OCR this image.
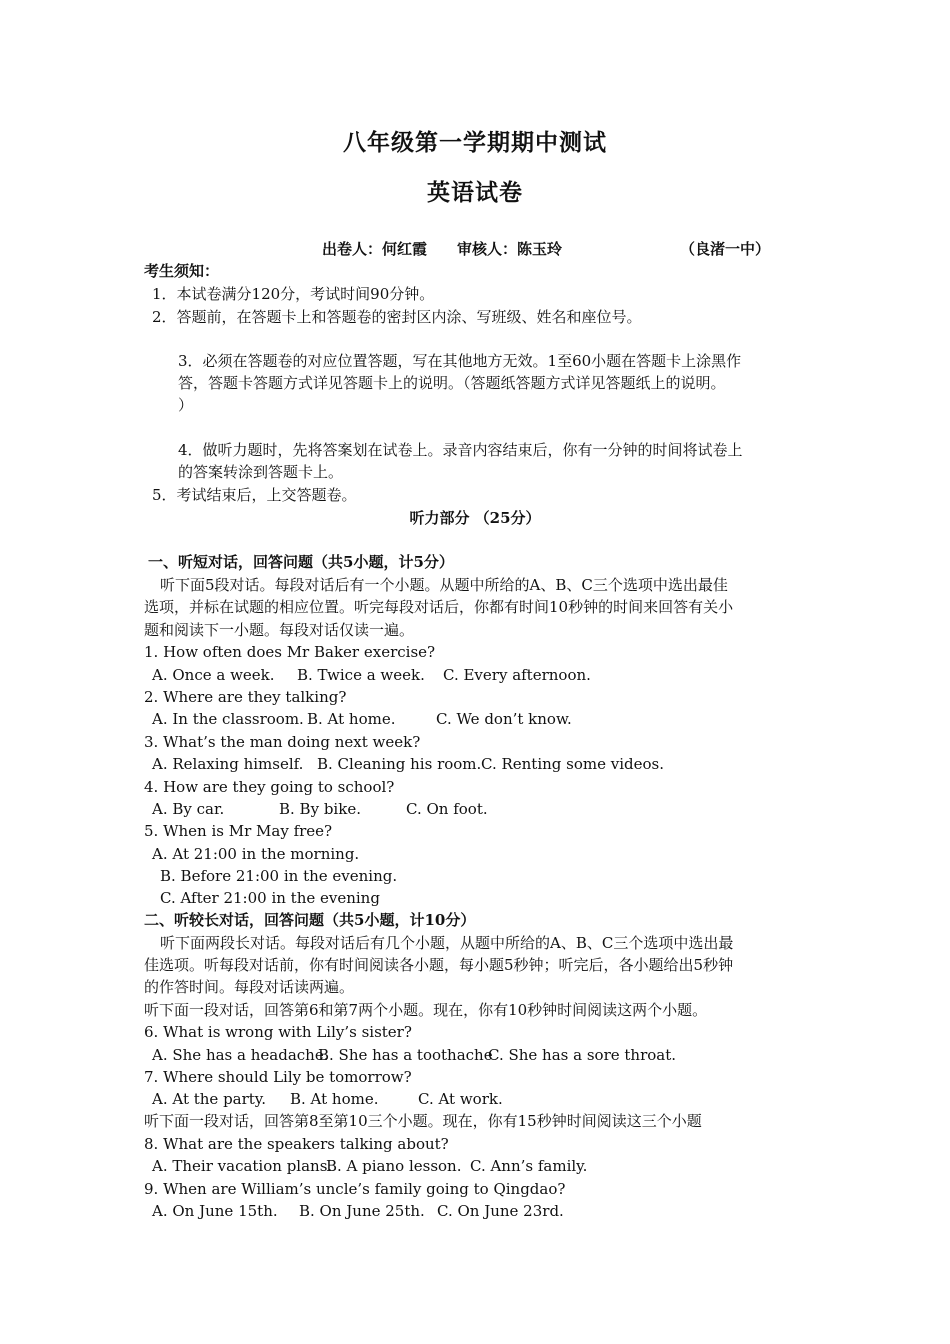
八年级第一学期期中测试
英语试卷
出卷人：何红霞　　审核人：陈玉玲	（良渚一中）
考生须知：
1．本试卷满分120分，考试时间90分钟。
2．答题前，在答题卡上和答题卷的密封区内涂、写班级、姓名和座位号。
3．必须在答题卷的对应位置答题，写在其他地方无效。1至60小题在答题卡上涂黑作
答，答题卡答题方式详见答题卡上的说明。（答题纸答题方式详见答题纸上的说明。
）
4．做听力题时，先将答案划在试卷上。录音内容结束后，你有一分钟的时间将试卷上
的答案转涂到答题卡上。
5．考试结束后，上交答题卷。
听力部分 （25分）
一、听短对话，回答问题（共5小题，计5分）
听下面5段对话。每段对话后有一个小题。从题中所给的A、B、C三个选项中选出最佳
选项，并标在试题的相应位置。听完每段对话后，你都有时间10秒钟的时间来回答有关小
题和阅读下一小题。每段对话仅读一遍。
1. How often does Mr Baker exercise?
A. Once a week. B. Twice a week. C. Every afternoon.
2. Where are they talking?
A. In the classroom. B. At home.	C. We don’t know.
3. What’s the man doing next week?
A. Relaxing himself. B. Cleaning his room. C. Renting some videos.
4. How are they going to school?
A. By car.	B. By bike.	C. On foot.
5. When is Mr May free?
A. At 21:00 in the morning.
B. Before 21:00 in the evening.
C. After 21:00 in the evening
二、听较长对话，回答问题（共5小题，计10分）
听下面两段长对话。每段对话后有几个小题，从题中所给的A、B、C三个选项中选出最
佳选项。听每段对话前，你有时间阅读各小题，每小题5秒钟；听完后，各小题给出5秒钟
的作答时间。每段对话读两遍。
听下面一段对话，回答第6和第7两个小题。现在，你有10秒钟时间阅读这两个小题。
6. What is wrong with Lily’s sister?
A. She has a headache.
B. She has a toothache
C. She has a sore throat.
7. Where should Lily be tomorrow?
A. At the party. B. At home.	C. At work.
听下面一段对话，回答第8至第10三个小题。现在，你有15秒钟时间阅读这三个小题
8. What are the speakers talking about?
A. Their vacation plans.
B. A piano lesson. C. Ann’s family.
9. When are William’s uncle’s family going to Qingdao?
A. On June 15th. B. On June 25th. C. On June 23rd.
